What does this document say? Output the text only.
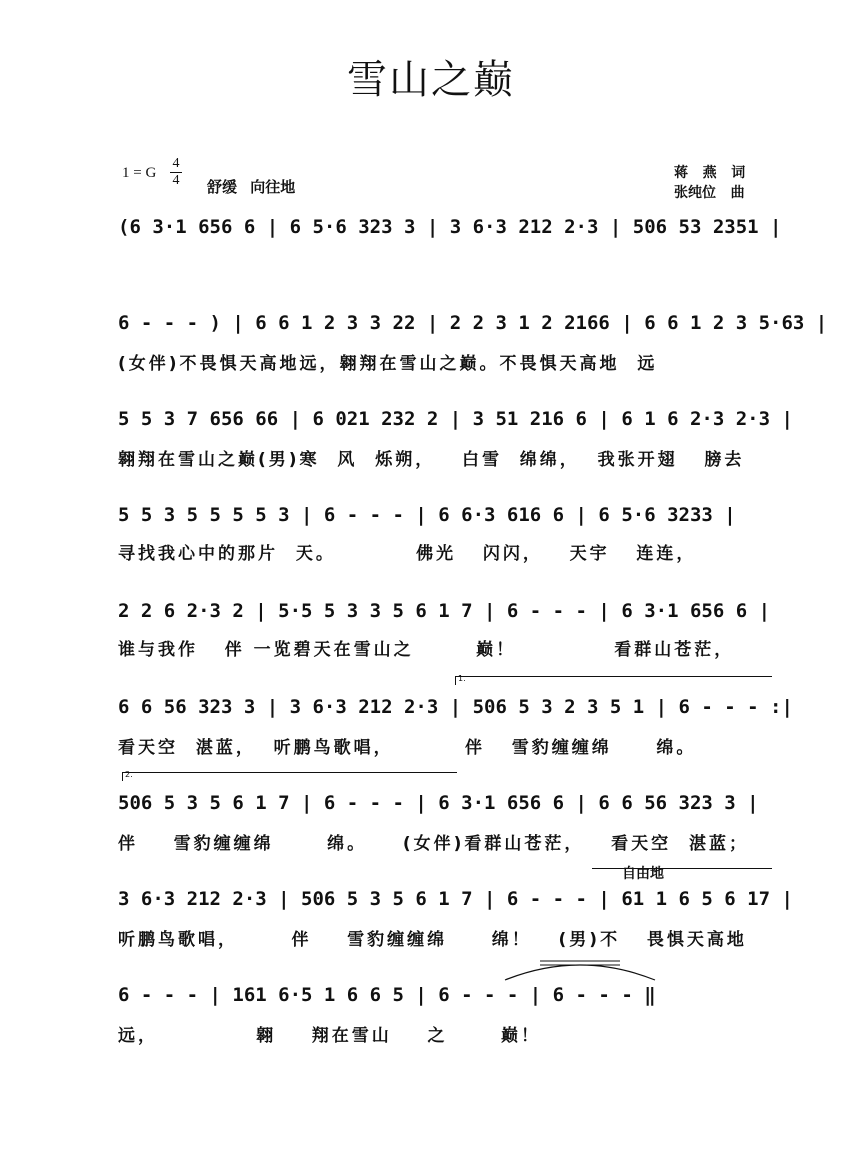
雪山之巅
1 = G
4
4 舒缓 向往地
蒋   燕   词
张纯位   曲
(6 3·1 656 6 | 6 5·6 323 3 | 3 6·3 212 2·3 | 506 53 2351 |
6 - - - ) | 6 6 1 2 3 3 22 | 2 2 3 1 2 2166 | 6 6 1 2 3 5·63 |
(女伴)不畏惧天高地远，翱翔在雪山之巅。不畏惧天高地  远
5 5 3 7 656 66 | 6 021 232 2 | 3 51 216 6 | 6 1 6 2·3 2·3 |
翱翔在雪山之巅(男)寒  风  烁朔，   白雪  绵绵，  我张开翅   膀去
5 5 3 5 5 5 5 3 | 6 - - - | 6 6·3 616 6 | 6 5·6 3233 |
寻找我心中的那片  天。         佛光   闪闪，   天宇   连连，
2 2 6 2·3 2 | 5·5 5 3 3 5 6 1 7 | 6 - - - | 6 3·1 656 6 |
谁与我作   伴 一览碧天在雪山之       巅！           看群山苍茫，
1.
6 6 56 323 3 | 3 6·3 212 2·3 | 506 5 3 2 3 5 1 | 6 - - - :|
看天空  湛蓝，  听鹏鸟歌唱，        伴   雪豹缠缠绵     绵。
2.
506 5 3 5 6 1 7 | 6 - - - | 6 3·1 656 6 | 6 6 56 323 3 |
伴    雪豹缠缠绵      绵。    (女伴)看群山苍茫，   看天空  湛蓝；
自由地
3 6·3 212 2·3 | 506 5 3 5 6 1 7 | 6 - - - | 61 1 6 5 6 17 |
听鹏鸟歌唱，      伴    雪豹缠缠绵     绵！   (男)不   畏惧天高地
6 - - - | 161 6·5 1 6 6 5 | 6 - - - | 6 - - - ‖
远，           翱    翔在雪山    之      巅！
